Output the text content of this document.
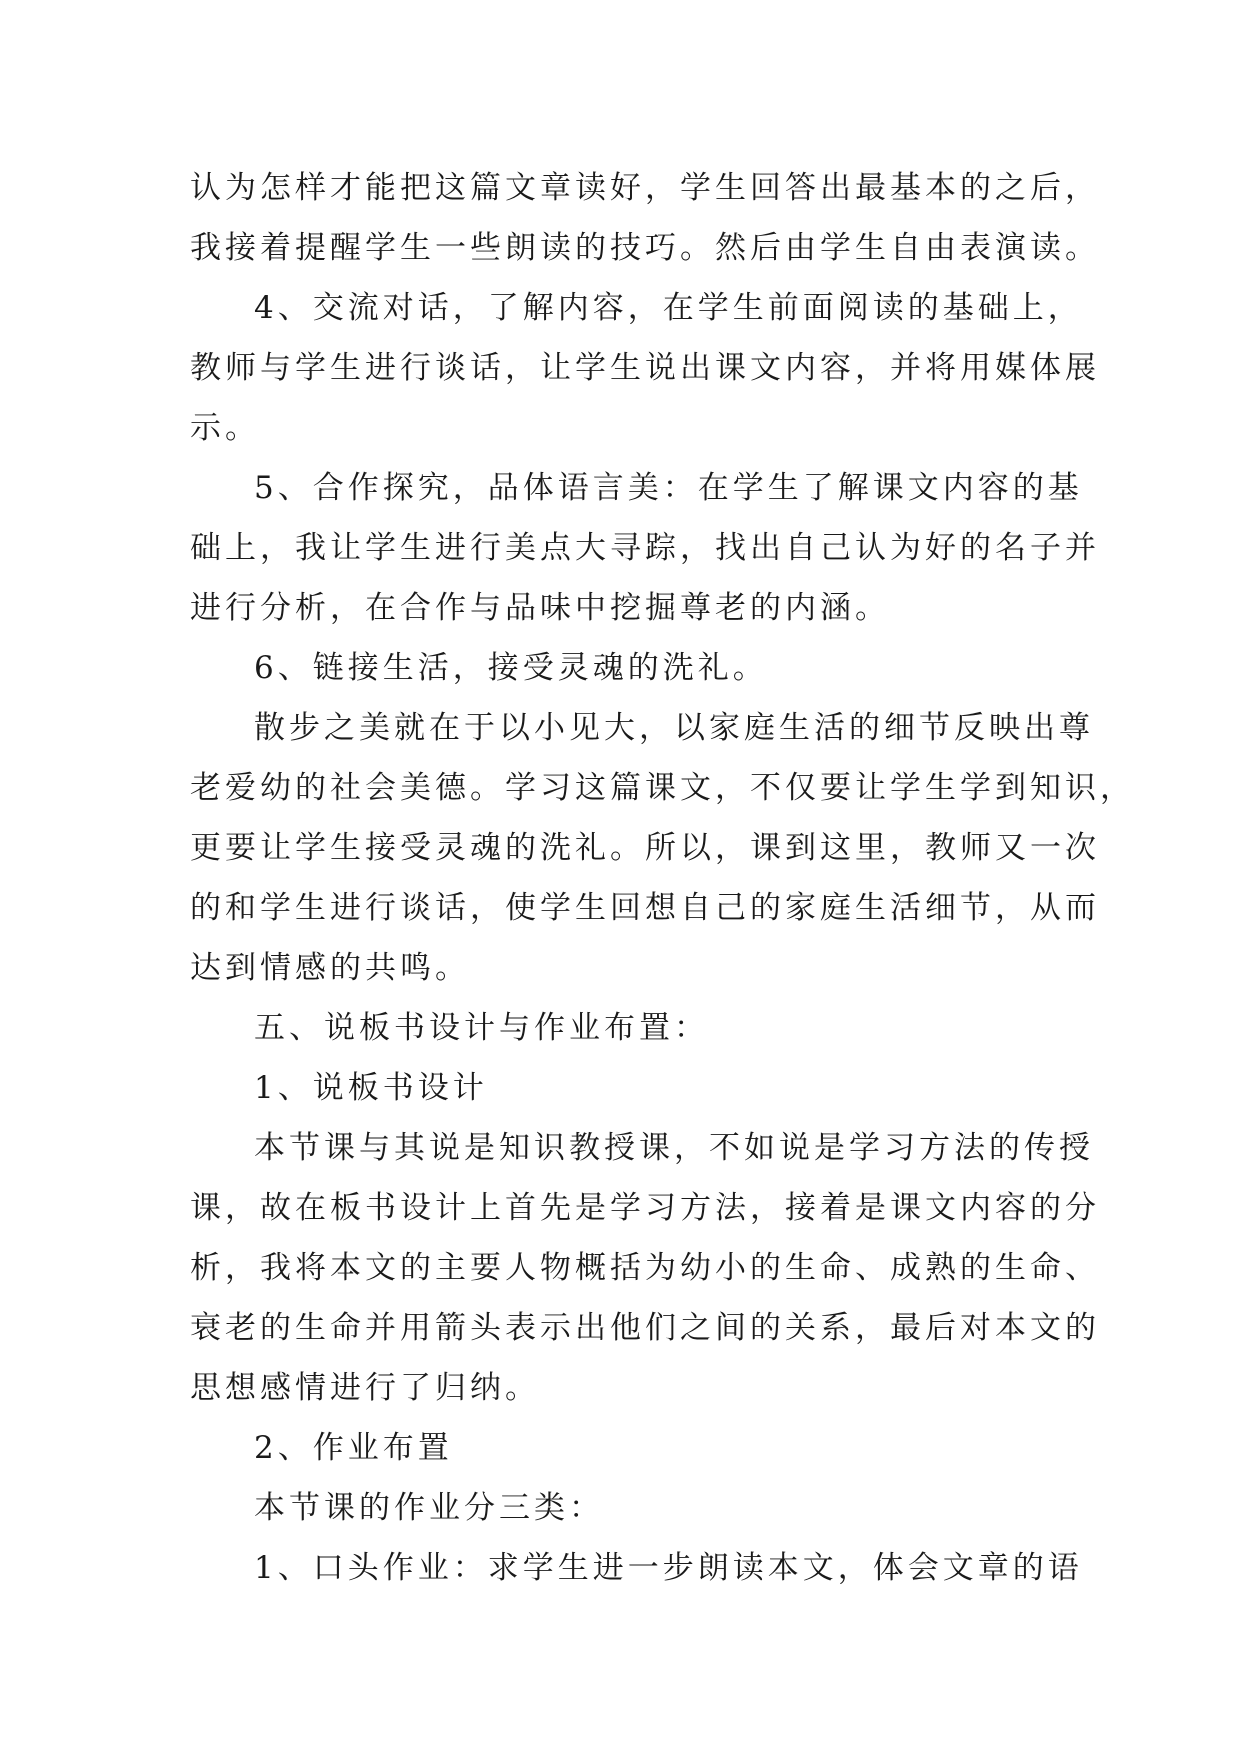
认为怎样才能把这篇文章读好，学生回答出最基本的之后，
我接着提醒学生一些朗读的技巧。然后由学生自由表演读。
4、交流对话，了解内容，在学生前面阅读的基础上，
教师与学生进行谈话，让学生说出课文内容，并将用媒体展
示。
5、合作探究，品体语言美：在学生了解课文内容的基
础上，我让学生进行美点大寻踪，找出自己认为好的名子并
进行分析，在合作与品味中挖掘尊老的内涵。
6、链接生活，接受灵魂的洗礼。
散步之美就在于以小见大，以家庭生活的细节反映出尊
老爱幼的社会美德。学习这篇课文，不仅要让学生学到知识，
更要让学生接受灵魂的洗礼。所以，课到这里，教师又一次
的和学生进行谈话，使学生回想自己的家庭生活细节，从而
达到情感的共鸣。
五、说板书设计与作业布置：
1、说板书设计
本节课与其说是知识教授课，不如说是学习方法的传授
课，故在板书设计上首先是学习方法，接着是课文内容的分
析，我将本文的主要人物概括为幼小的生命、成熟的生命、
衰老的生命并用箭头表示出他们之间的关系，最后对本文的
思想感情进行了归纳。
2、作业布置
本节课的作业分三类：
1、口头作业：求学生进一步朗读本文，体会文章的语
